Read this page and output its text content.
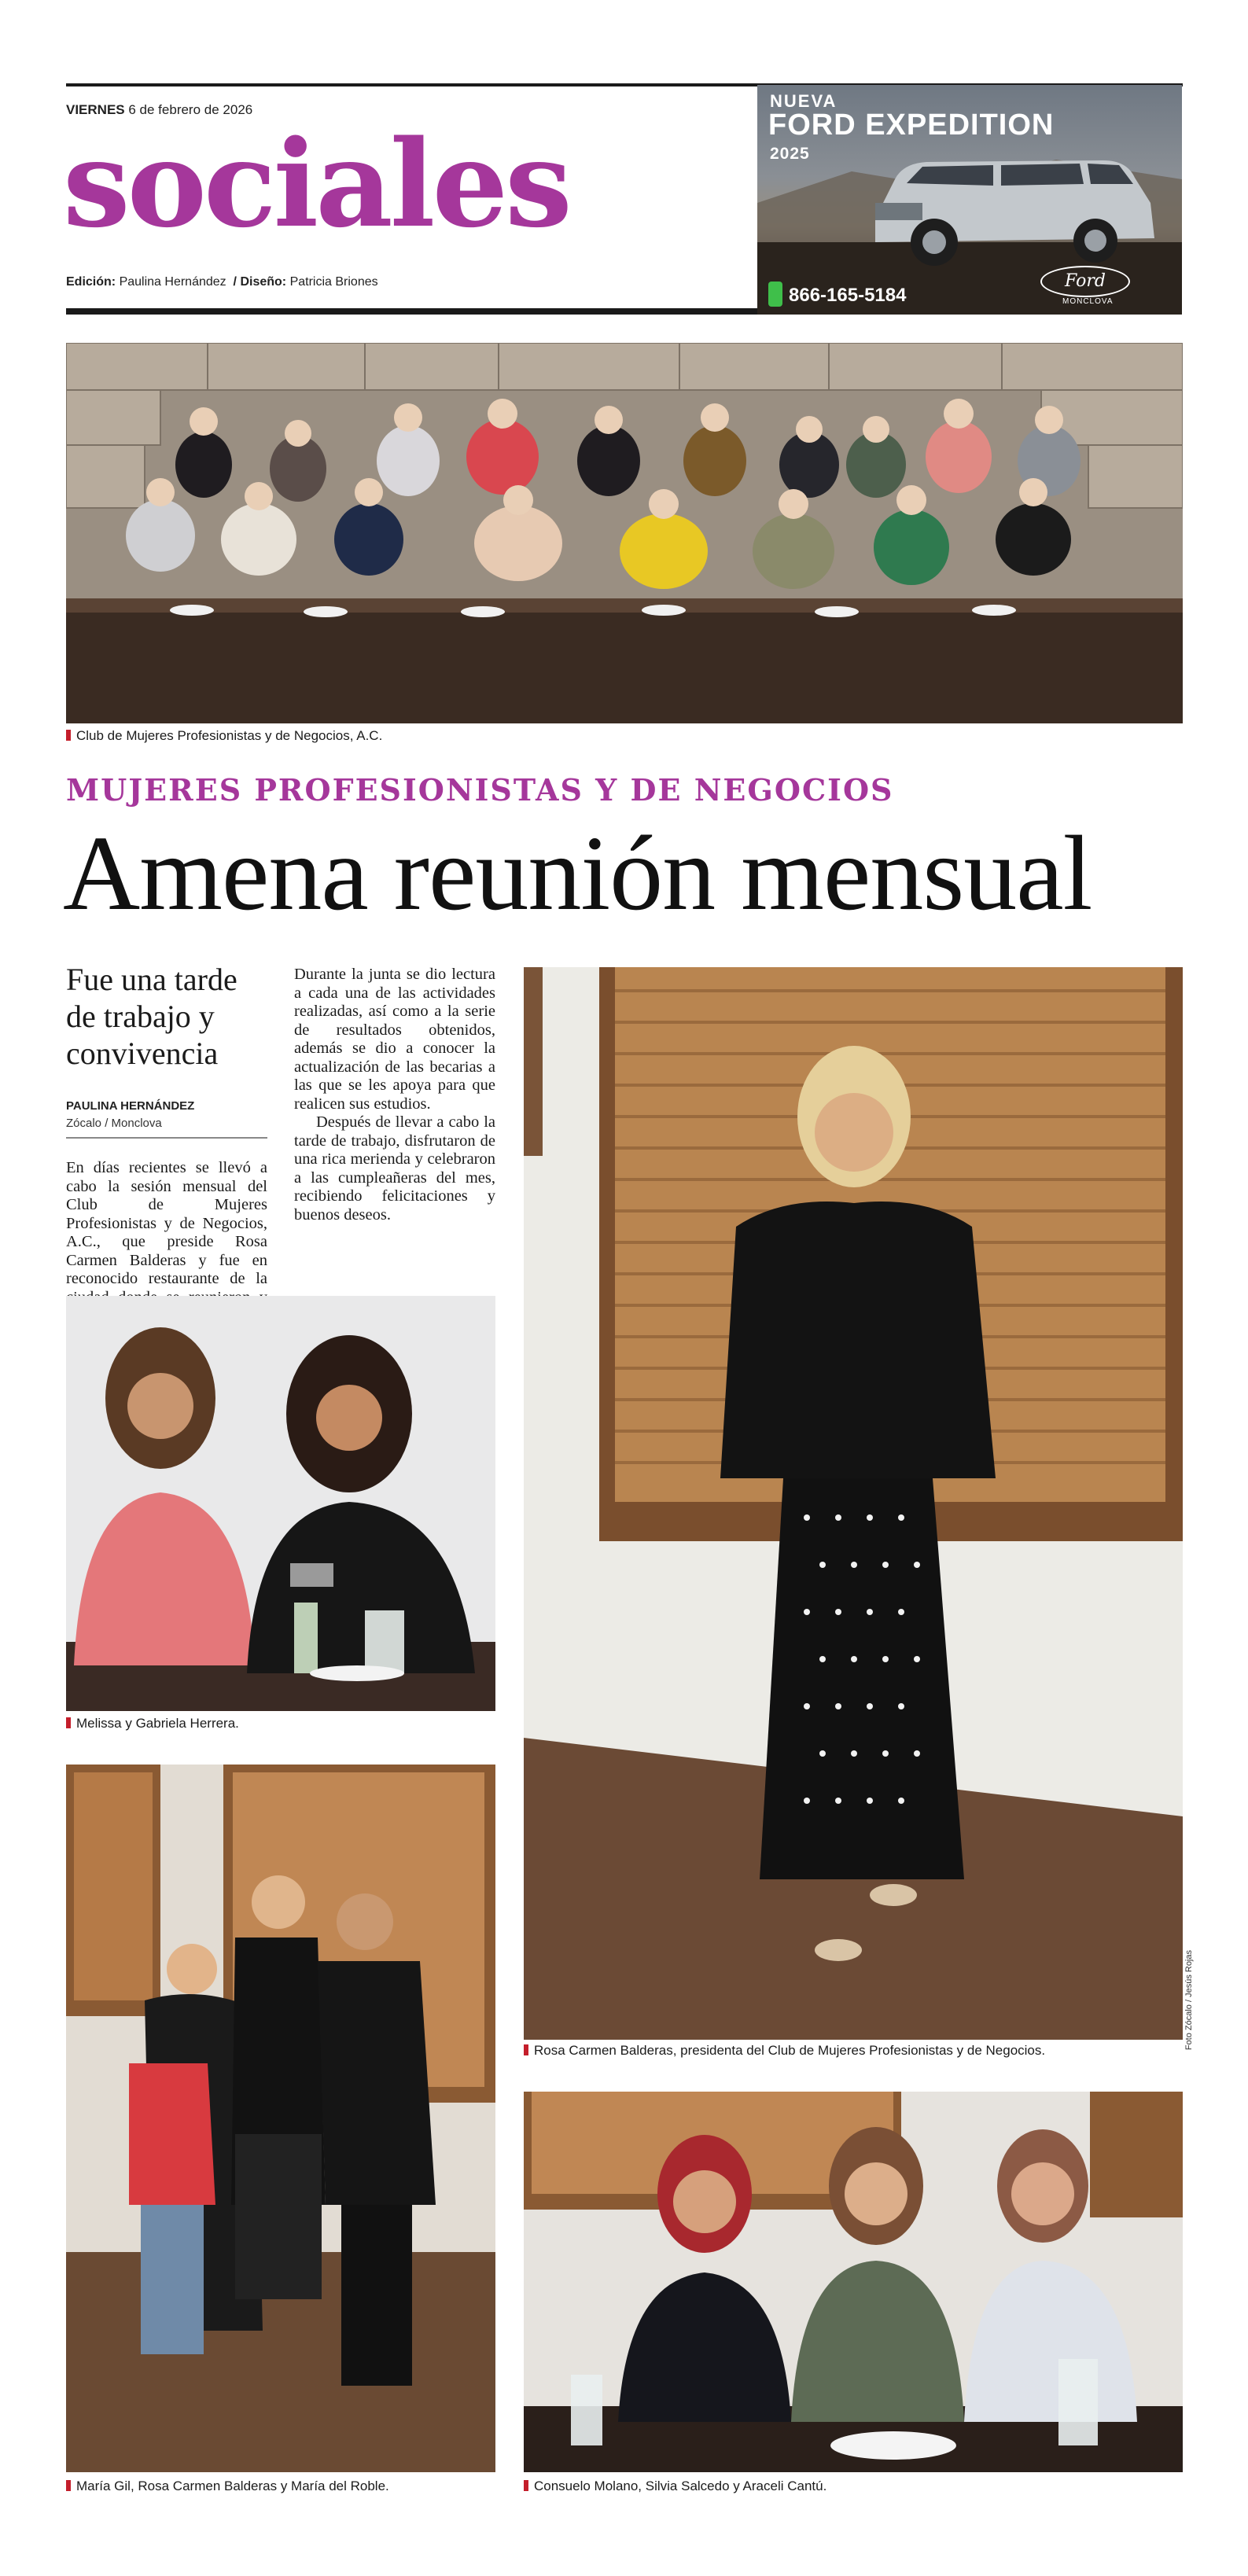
VIERNES 6 de febrero de 2026
sociales
Edición: Paulina Hernández / Diseño: Patricia Briones
NUEVA
FORD EXPEDITION
2025
866-165-5184
Ford
MONCLOVA
Club de Mujeres Profesionistas y de Negocios, A.C.
MUJERES PROFESIONISTAS Y DE NEGOCIOS
Amena reunión mensual
Fue una tarde de trabajo y convivencia
PAULINA HERNÁNDEZ
Zócalo / Monclova

En días recientes se llevó a cabo la sesión mensual del Club de Mujeres Profesionistas y de Negocios, A.C., que preside Rosa Carmen Balderas y fue en reconocido restaurante de la

Durante la junta se dio lectura a cada una de las actividades realizadas, así como a la serie de resultados obtenidos, además se dio a conocer la actualización de las becarias a las que se les apoya para que realicen sus estudios.

Después de llevar a cabo la tarde de trabajo, disfrutaron de una rica merienda y celebraron a las cumpleañeras del mes, recibiendo felicitaciones y buenos deseos.

Melissa y Gabriela Herrera.
María Gil, Rosa Carmen Balderas y María del Roble.
Rosa Carmen Balderas, presidenta del Club de Mujeres Profesionistas y de Negocios.
Foto Zócalo / Jesús Rojas
Consuelo Molano, Silvia Salcedo y Araceli Cantú.
